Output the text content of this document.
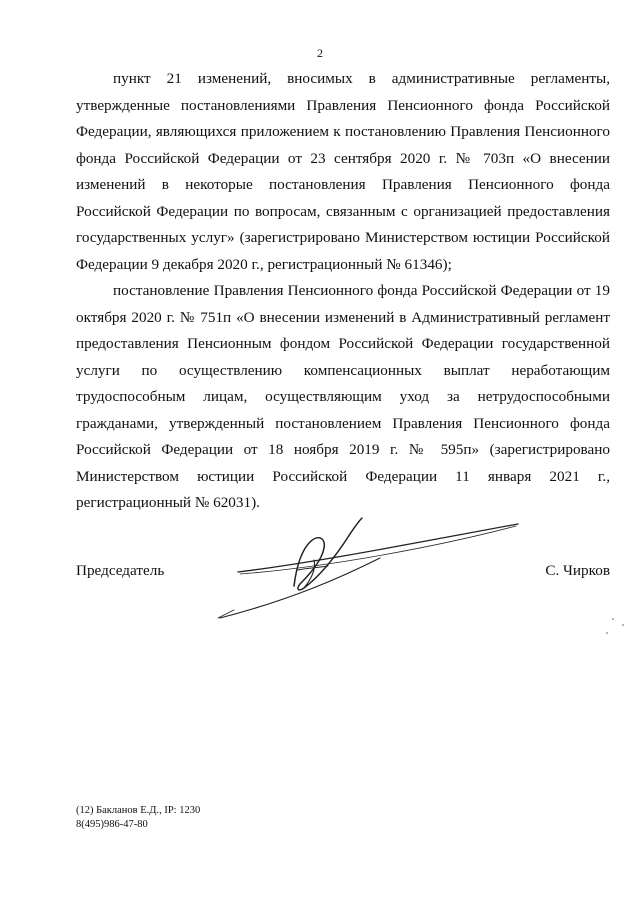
2

пункт 21 изменений, вносимых в административные регламенты, утвержденные постановлениями Правления Пенсионного фонда Российской Федерации, являющихся приложением к постановлению Правления Пенсионного фонда Российской Федерации от 23 сентября 2020 г. № 703п «О внесении изменений в некоторые постановления Правления Пенсионного фонда Российской Федерации по вопросам, связанным с организацией предоставления государственных услуг» (зарегистрировано Министерством юстиции Российской Федерации 9 декабря 2020 г., регистрационный № 61346);

постановление Правления Пенсионного фонда Российской Федерации от 19 октября 2020 г. № 751п «О внесении изменений в Административный регламент предоставления Пенсионным фондом Российской Федерации государственной услуги по осуществлению компенсационных выплат неработающим трудоспособным лицам, осуществляющим уход за нетрудоспособными гражданами, утвержденный постановлением Правления Пенсионного фонда Российской Федерации от 18 ноября 2019 г. № 595п» (зарегистрировано Министерством юстиции Российской Федерации 11 января 2021 г., регистрационный № 62031).

Председатель	С. Чирков
(12) Бакланов Е.Д., IP: 1230
8(495)986-47-80
